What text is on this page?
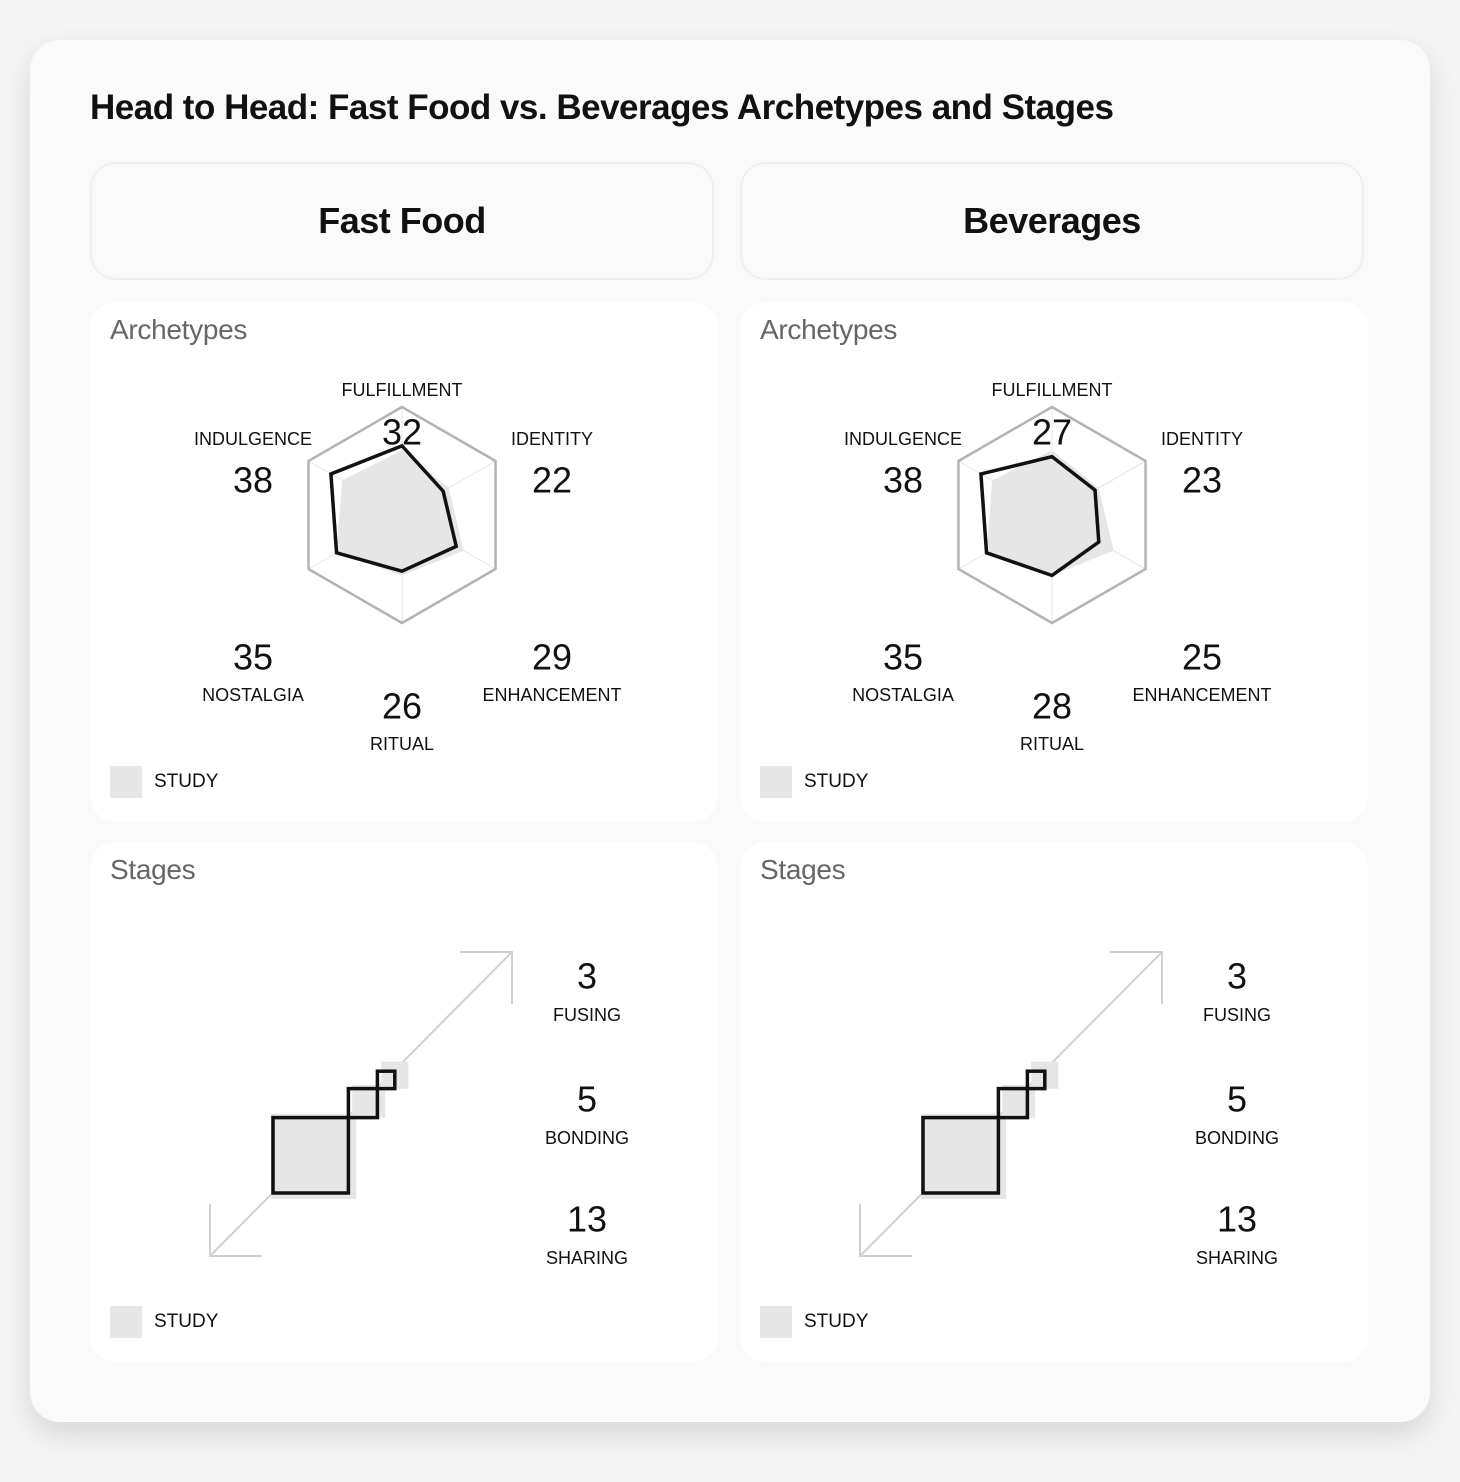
Head to Head: Fast Food vs. Beverages Archetypes and Stages
Fast Food	Beverages
Archetypes
FULFILLMENT
32	IDENTITY
22
ENHANCEMENT
29
RITUAL
26
NOSTALGIA
35
INDULGENCE
38
STUDY
Archetypes
FULFILLMENT
27	IDENTITY
23
ENHANCEMENT
25
RITUAL
28
NOSTALGIA
35
INDULGENCE
38
STUDY
Stages
3
FUSING
5
BONDING
13
SHARING
STUDY
Stages
3
FUSING
5
BONDING
13
SHARING
STUDY
